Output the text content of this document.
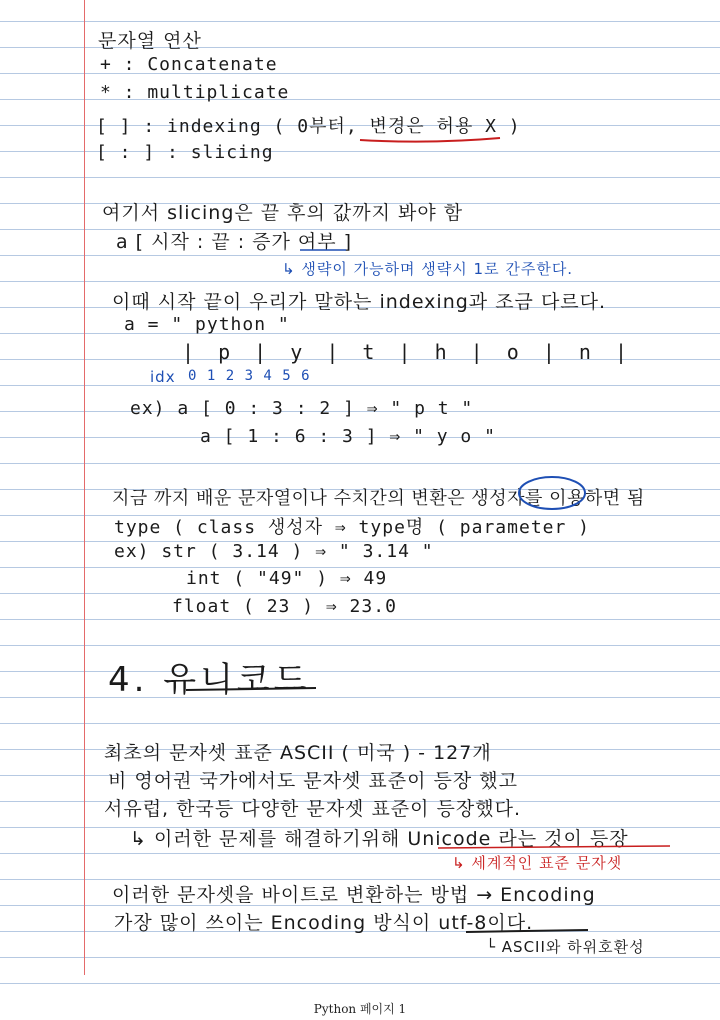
문자열 연산
+ : Concatenate
* : multiplicate
[ ] : indexing ( 0부터, 변경은 허용 X )
[ : ] : slicing
여기서 slicing은 끝 후의 값까지 봐야 함
a [ 시작 : 끝 : 증가 여부 ]
↳ 생략이 가능하며 생략시 1로 간주한다.
이때 시작 끝이 우리가 말하는 indexing과 조금 다르다.
a = " python "
| p | y | t | h | o | n |
idx 0 1 2 3 4 5 6
ex) a [ 0 : 3 : 2 ] ⇒ " p t "
a [ 1 : 6 : 3 ] ⇒ " y o "
지금 까지 배운 문자열이나 수치간의 변환은 생성자를 이용하면 됨
type ( class 생성자 ⇒ type명 ( parameter )
ex) str ( 3.14 ) ⇒ " 3.14 "
int ( "49" ) ⇒ 49
float ( 23 ) ⇒ 23.0
4. 유니코드
최초의 문자셋 표준 ASCII ( 미국 ) - 127개
비 영어권 국가에서도 문자셋 표준이 등장 했고
서유럽, 한국등 다양한 문자셋 표준이 등장했다.
↳ 이러한 문제를 해결하기위해 Unicode 라는 것이 등장
↳ 세계적인 표준 문자셋
이러한 문자셋을 바이트로 변환하는 방법 → Encoding
가장 많이 쓰이는 Encoding 방식이 utf-8이다.
└ ASCII와 하위호환성
Python 페이지 1
